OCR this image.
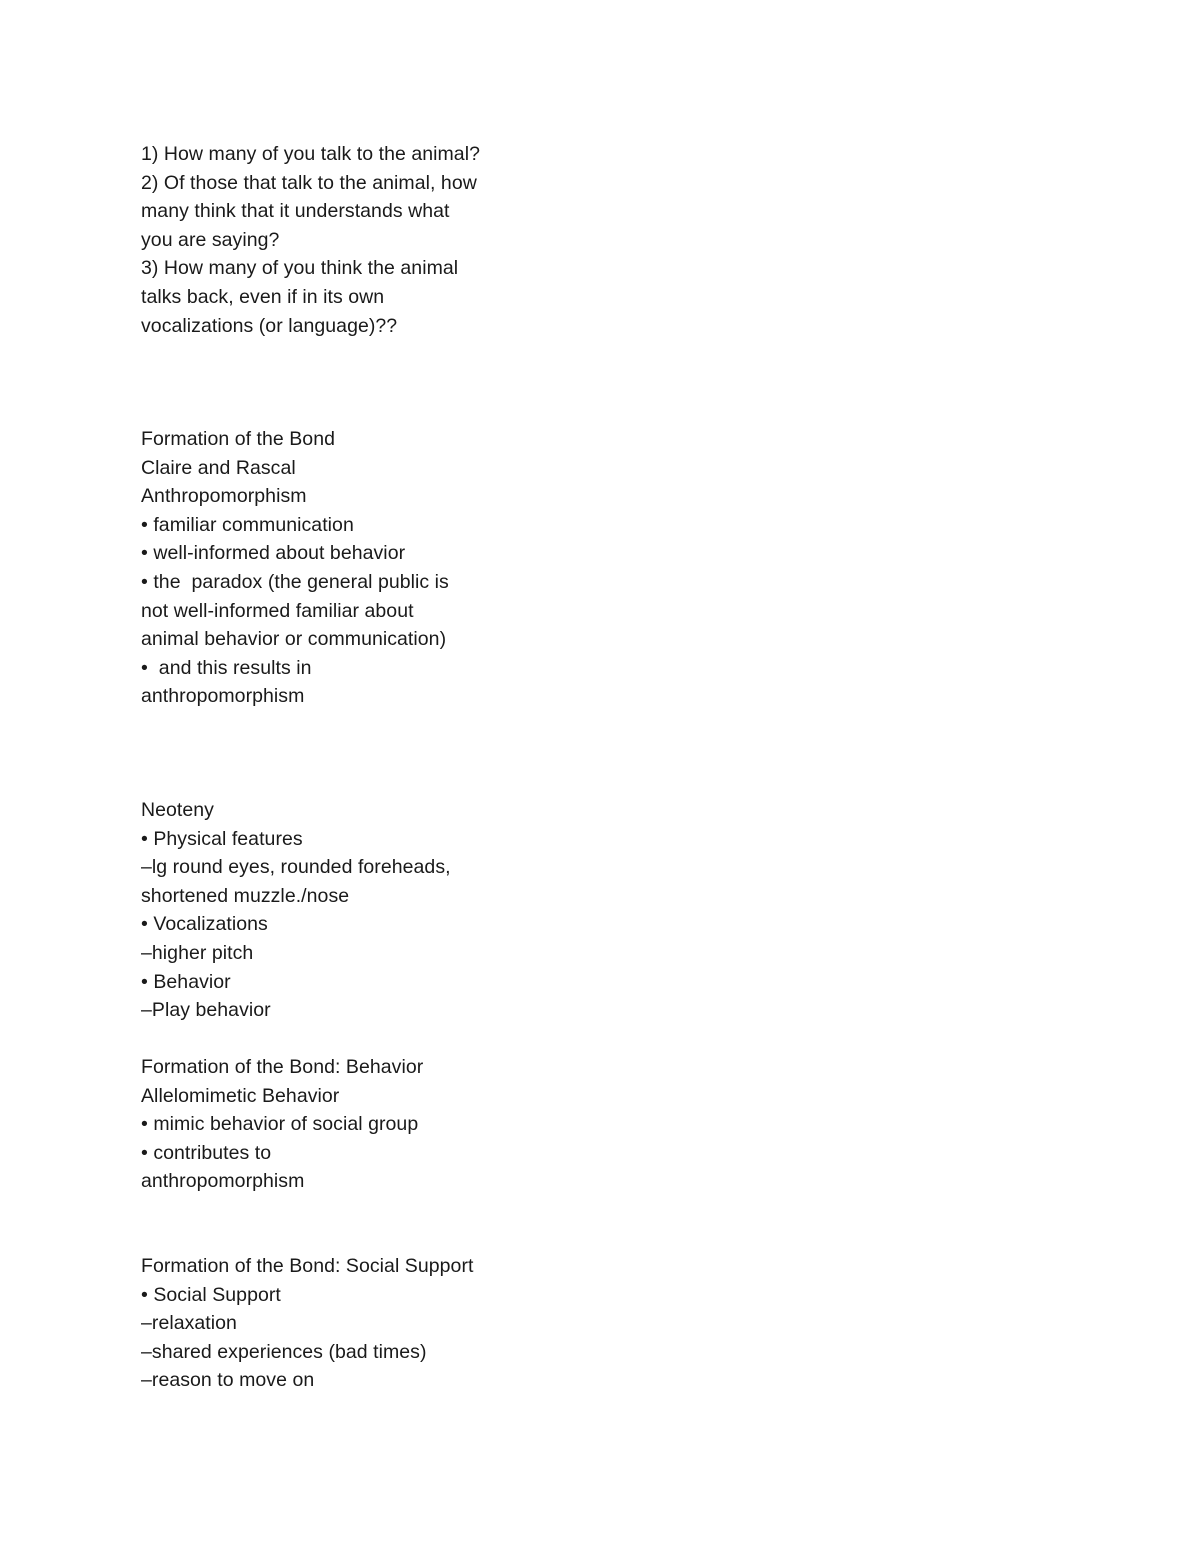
1) How many of you talk to the animal?
2) Of those that talk to the animal, how
many think that it understands what
you are saying?
3) How many of you think the animal
talks back, even if in its own
vocalizations (or language)??
Formation of the Bond
Claire and Rascal
Anthropomorphism
• familiar communication
• well-informed about behavior
• the  paradox (the general public is
not well-informed familiar about
animal behavior or communication)
•  and this results in
anthropomorphism
Neoteny
• Physical features
–lg round eyes, rounded foreheads,
shortened muzzle./nose
• Vocalizations
–higher pitch
• Behavior
–Play behavior
Formation of the Bond: Behavior
Allelomimetic Behavior
• mimic behavior of social group
• contributes to
anthropomorphism
Formation of the Bond: Social Support
• Social Support
–relaxation
–shared experiences (bad times)
–reason to move on
